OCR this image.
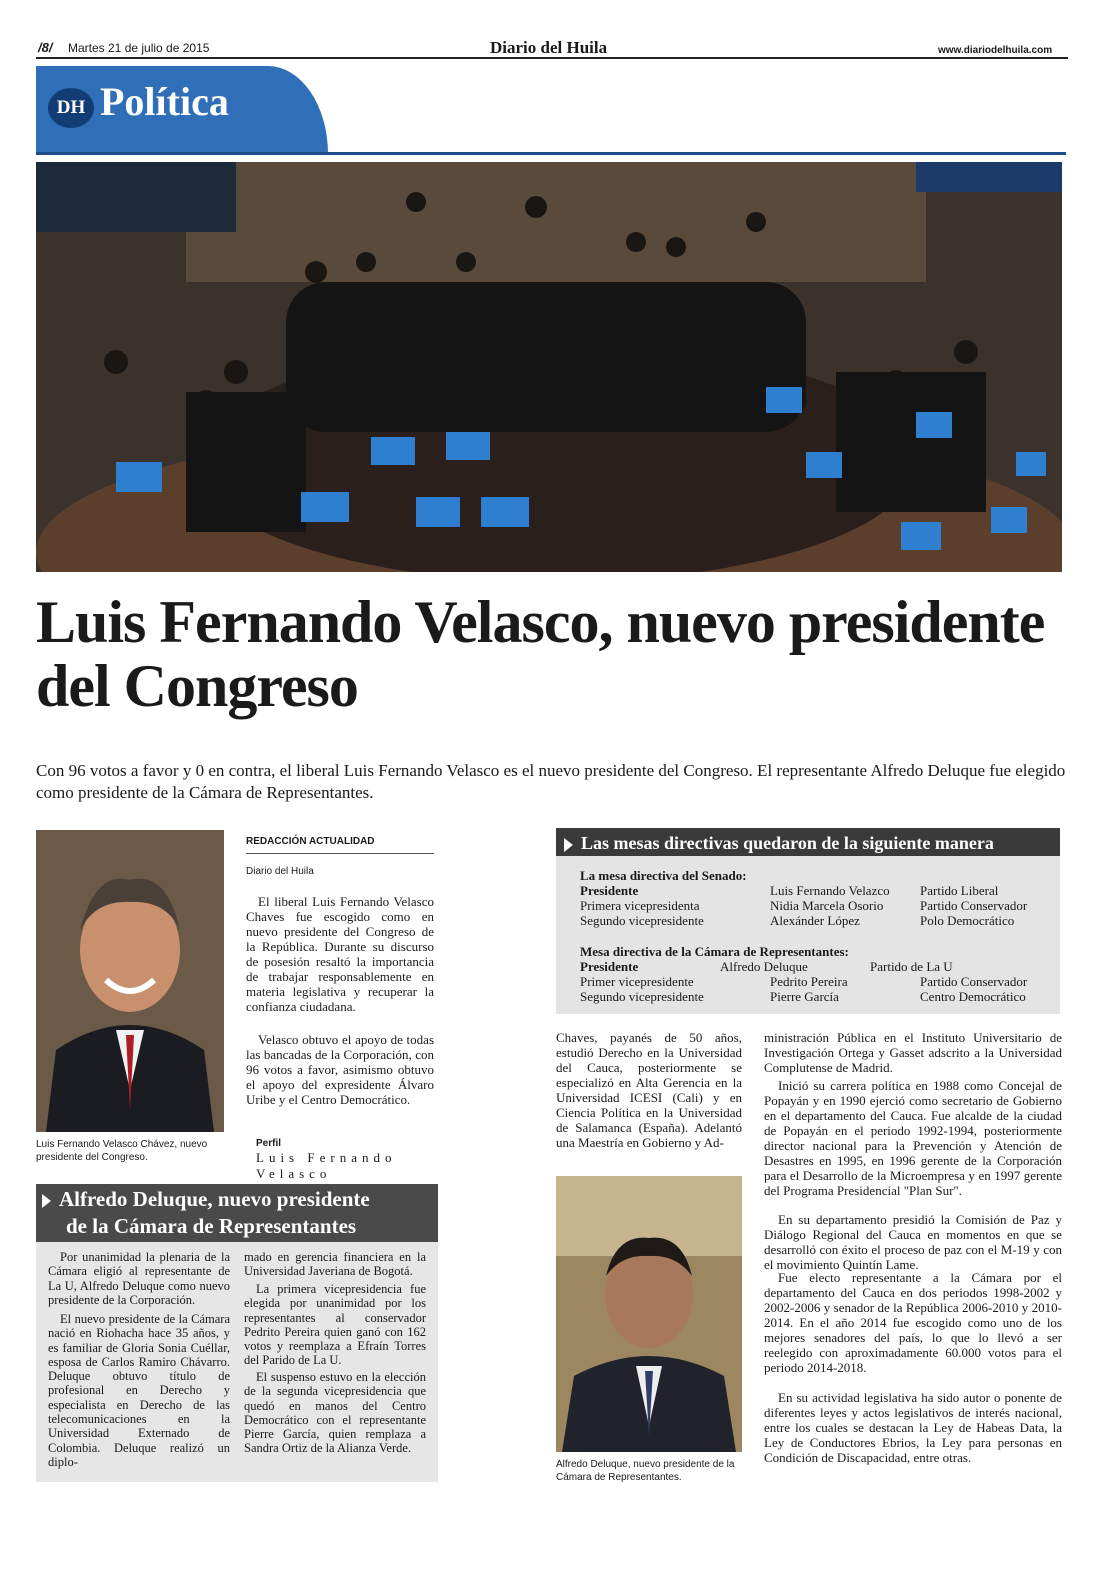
/8/ Martes 21 de julio de 2015	Diario del Huila	www.diariodelhuila.com
DH Política
Luis Fernando Velasco, nuevo presidente del Congreso
Con 96 votos a favor y 0 en contra, el liberal Luis Fernando Velasco es el nuevo presidente del Congreso. El representante Alfredo Deluque fue elegido como presidente de la Cámara de Representantes.
Luis Fernando Velasco Chávez, nuevo presidente del Congreso.
REDACCIÓN ACTUALIDAD
Diario del Huila
El liberal Luis Fernando Velasco Chaves fue escogido como en nuevo presidente del Congreso de la República. Durante su discurso de posesión resaltó la importancia de trabajar responsablemente en materia legislativa y recuperar la confianza ciudadana.
Velasco obtuvo el apoyo de todas las bancadas de la Corporación, con 96 votos a favor, asimismo obtuvo el apoyo del expresidente Álvaro Uribe y el Centro Democrático.
Perfil
Luis Fernando Velasco
Las mesas directivas quedaron de la siguiente manera
La mesa directiva del Senado:
Presidente	Luis Fernando Velazco Partido Liberal
Primera vicepresidenta	Nidia Marcela Osorio	Partido Conservador
Segundo vicepresidente	Alexánder López	Polo Democrático
Mesa directiva de la Cámara de Representantes:
Presidente	Alfredo Deluque	Partido de La U
Primer vicepresidente	Pedrito Pereira	Partido Conservador
Segundo vicepresidente	Pierre García	Centro Democrático
Chaves, payanés de 50 años, estudió Derecho en la Universidad del Cauca, posteriormente se especializó en Alta Gerencia en la Universidad ICESI (Cali) y en Ciencia Política en la Universidad de Salamanca (España). Adelantó una Maestría en Gobierno y Ad-
Alfredo Deluque, nuevo presidente de la Cámara de Representantes.
ministración Pública en el Instituto Universitario de Investigación Ortega y Gasset adscrito a la Universidad Complutense de Madrid.
Inició su carrera política en 1988 como Concejal de Popayán y en 1990 ejerció como secretario de Gobierno en el departamento del Cauca. Fue alcalde de la ciudad de Popayán en el periodo 1992-1994, posteriormente director nacional para la Prevención y Atención de Desastres en 1995, en 1996 gerente de la Corporación para el Desarrollo de la Microempresa y en 1997 gerente del Programa Presidencial "Plan Sur".
En su departamento presidió la Comisión de Paz y Diálogo Regional del Cauca en momentos en que se desarrolló con éxito el proceso de paz con el M-19 y con el movimiento Quintín Lame.
Fue electo representante a la Cámara por el departamento del Cauca en dos periodos 1998-2002 y 2002-2006 y senador de la República 2006-2010 y 2010-2014. En el año 2014 fue escogido como uno de los mejores senadores del país, lo que lo llevó a ser reelegido con aproximadamente 60.000 votos para el periodo 2014-2018.
En su actividad legislativa ha sido autor o ponente de diferentes leyes y actos legislativos de interés nacional, entre los cuales se destacan la Ley de Habeas Data, la Ley de Conductores Ebrios, la Ley para personas en Condición de Discapacidad, entre otras.
Alfredo Deluque, nuevo presidente
de la Cámara de Representantes
Por unanimidad la plenaria de la Cámara eligió al representante de La U, Alfredo Deluque como nuevo presidente de la Corporación.
El nuevo presidente de la Cámara nació en Riohacha hace 35 años, y es familiar de Gloria Sonia Cuéllar, esposa de Carlos Ramiro Chávarro. Deluque obtuvo título de profesional en Derecho y especialista en Derecho de las telecomunicaciones en la Universidad Externado de Colombia. Deluque realizó un diplo-
mado en gerencia financiera en la Universidad Javeriana de Bogotá.
La primera vicepresidencia fue elegida por unanimidad por los representantes al conservador Pedrito Pereira quien ganó con 162 votos y reemplaza a Efraín Torres del Parido de La U.
El suspenso estuvo en la elección de la segunda vicepresidencia que quedó en manos del Centro Democrático con el representante Pierre García, quien remplaza a Sandra Ortiz de la Alianza Verde.
